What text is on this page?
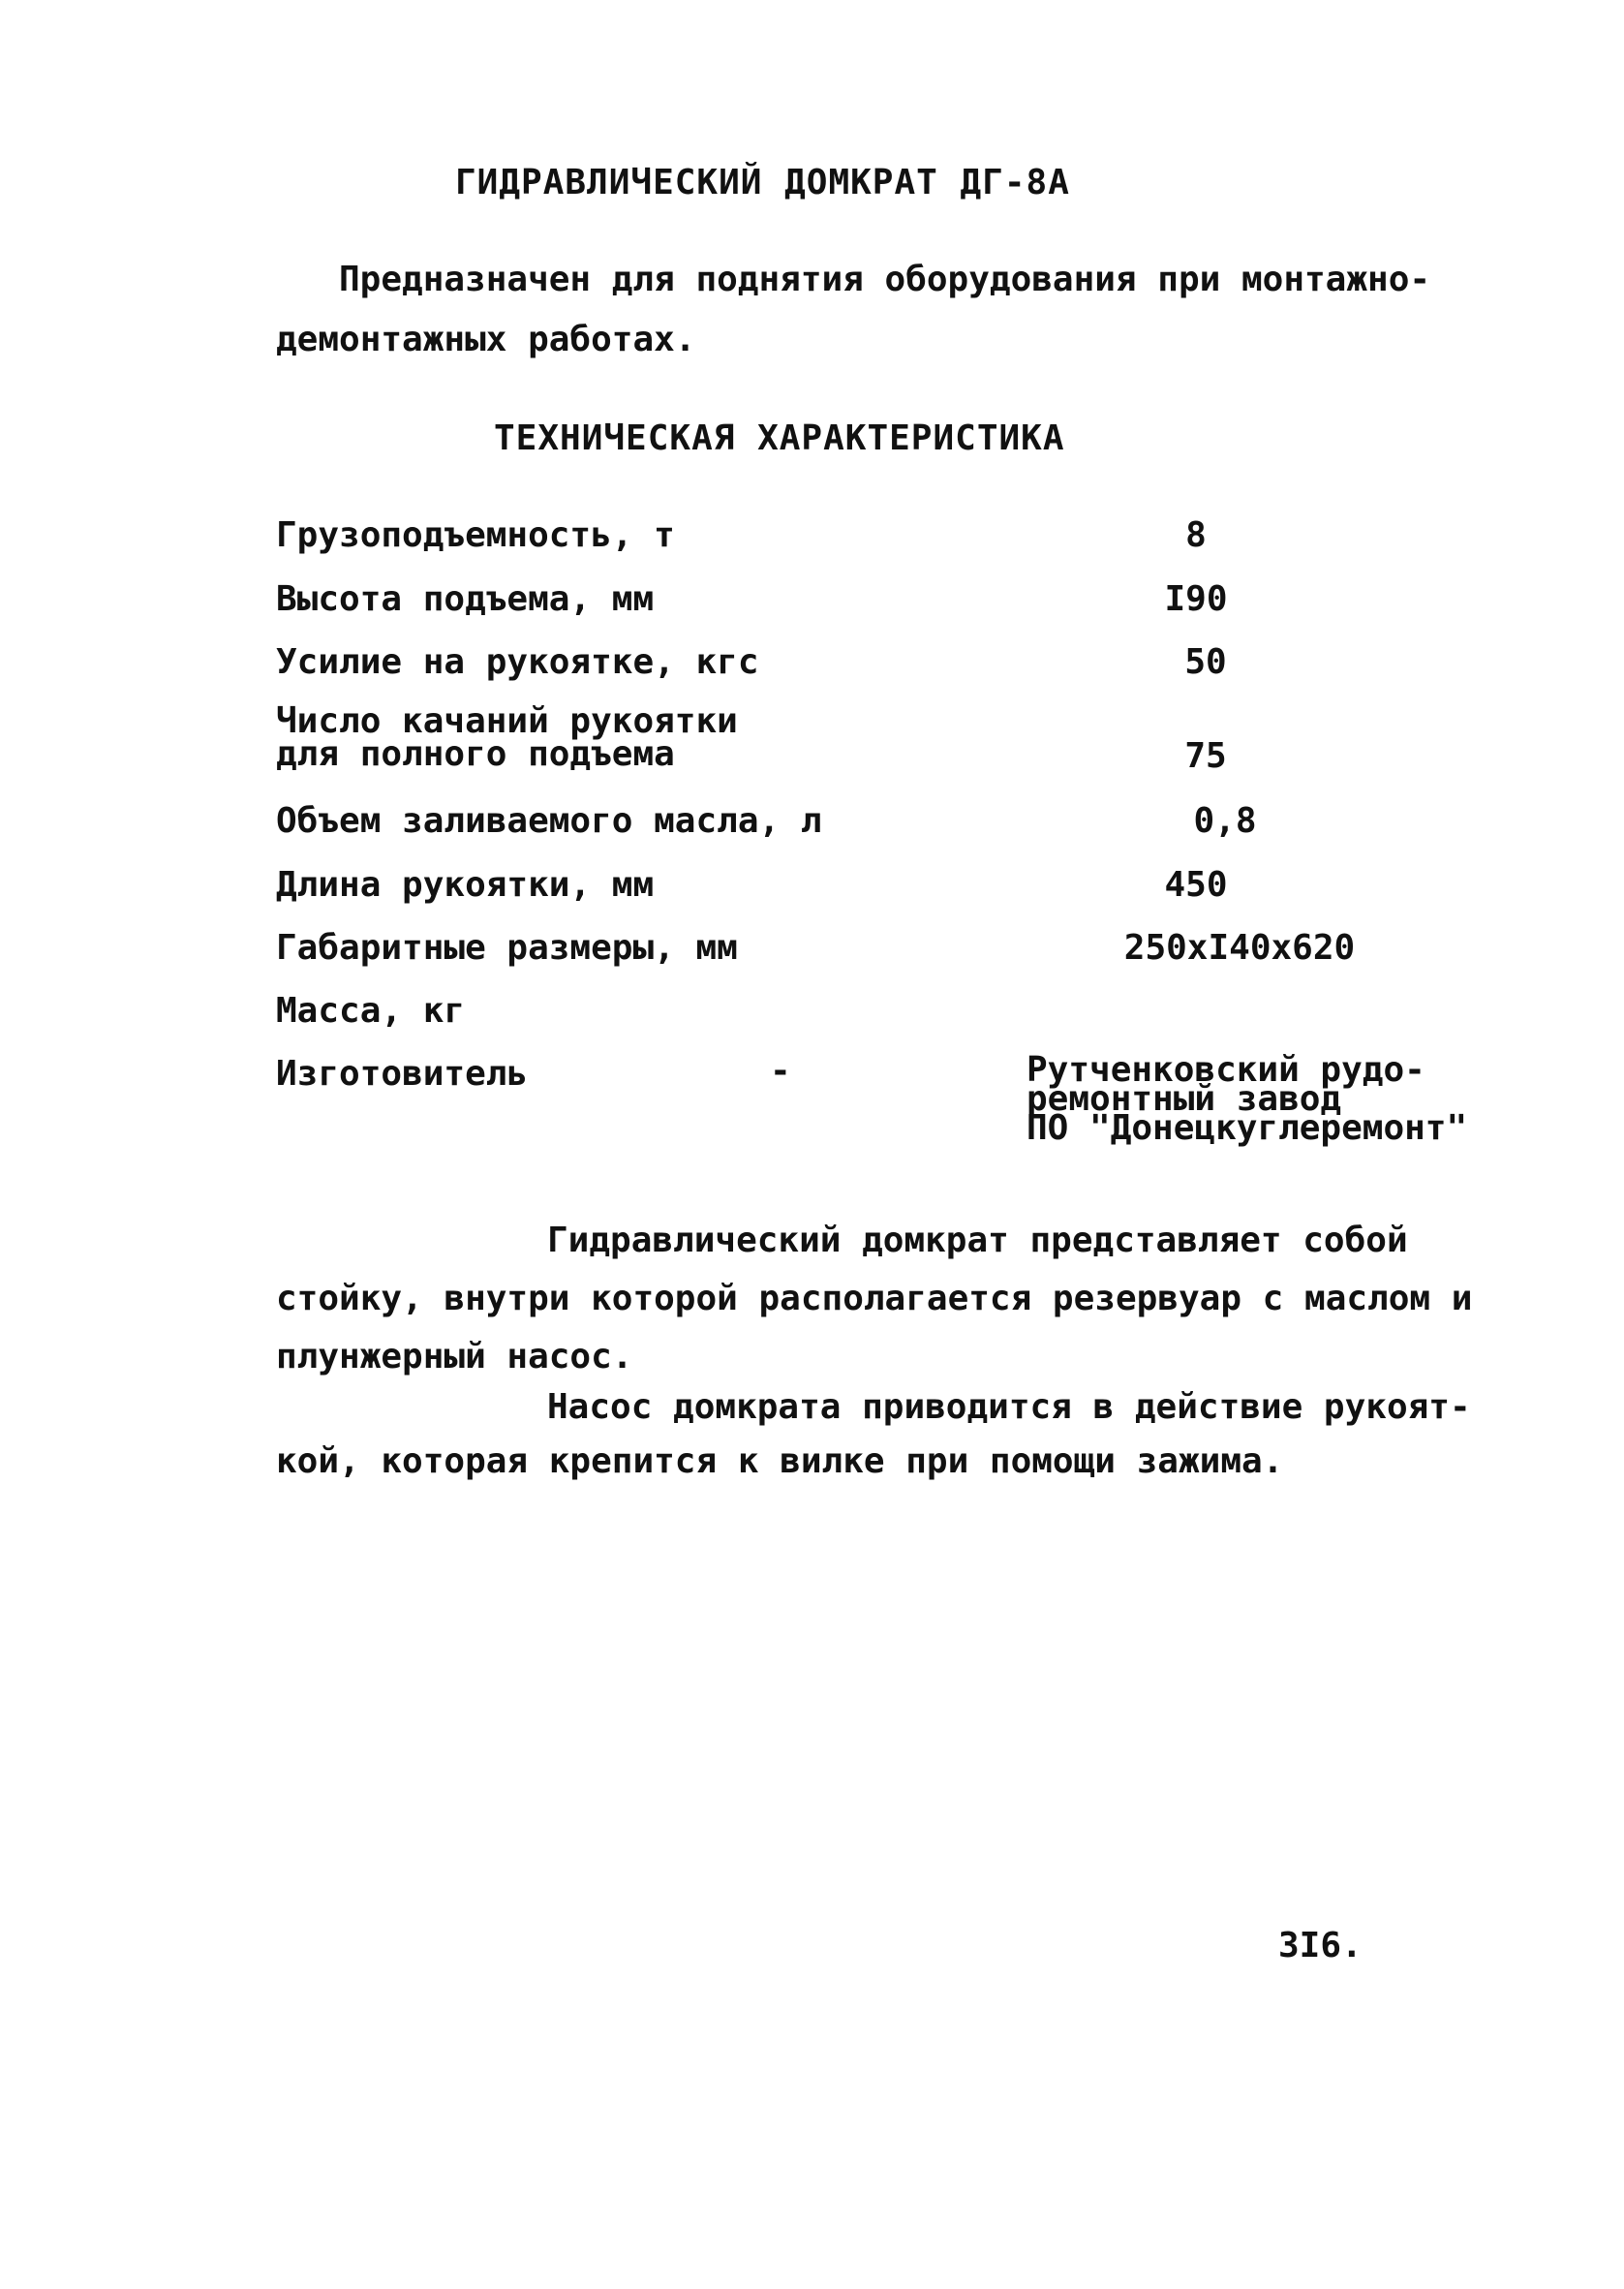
ГИДРАВЛИЧЕСКИЙ ДОМКРАТ ДГ-8А
Предназначен для поднятия оборудования при монтажно-
демонтажных работах.
ТЕХНИЧЕСКАЯ ХАРАКТЕРИСТИКА
Грузоподъемность, т	8
Высота подъема, мм	I90
Усилие на рукоятке, кгс	50
Число качаний рукоятки
для полного подъема	75
Объем заливаемого масла, л	0,8
Длина рукоятки, мм	450
Габаритные размеры, мм	250xI40x620
Масса, кг
Изготовитель	-	Рутченковский рудо-
ремонтный завод
ПО "Донецкуглеремонт"
Гидравлический домкрат представляет собой
стойку, внутри которой располагается резервуар с маслом и
плунжерный насос.
Насос домкрата приводится в действие рукоят-
кой, которая крепится к вилке при помощи зажима.
3I6.
